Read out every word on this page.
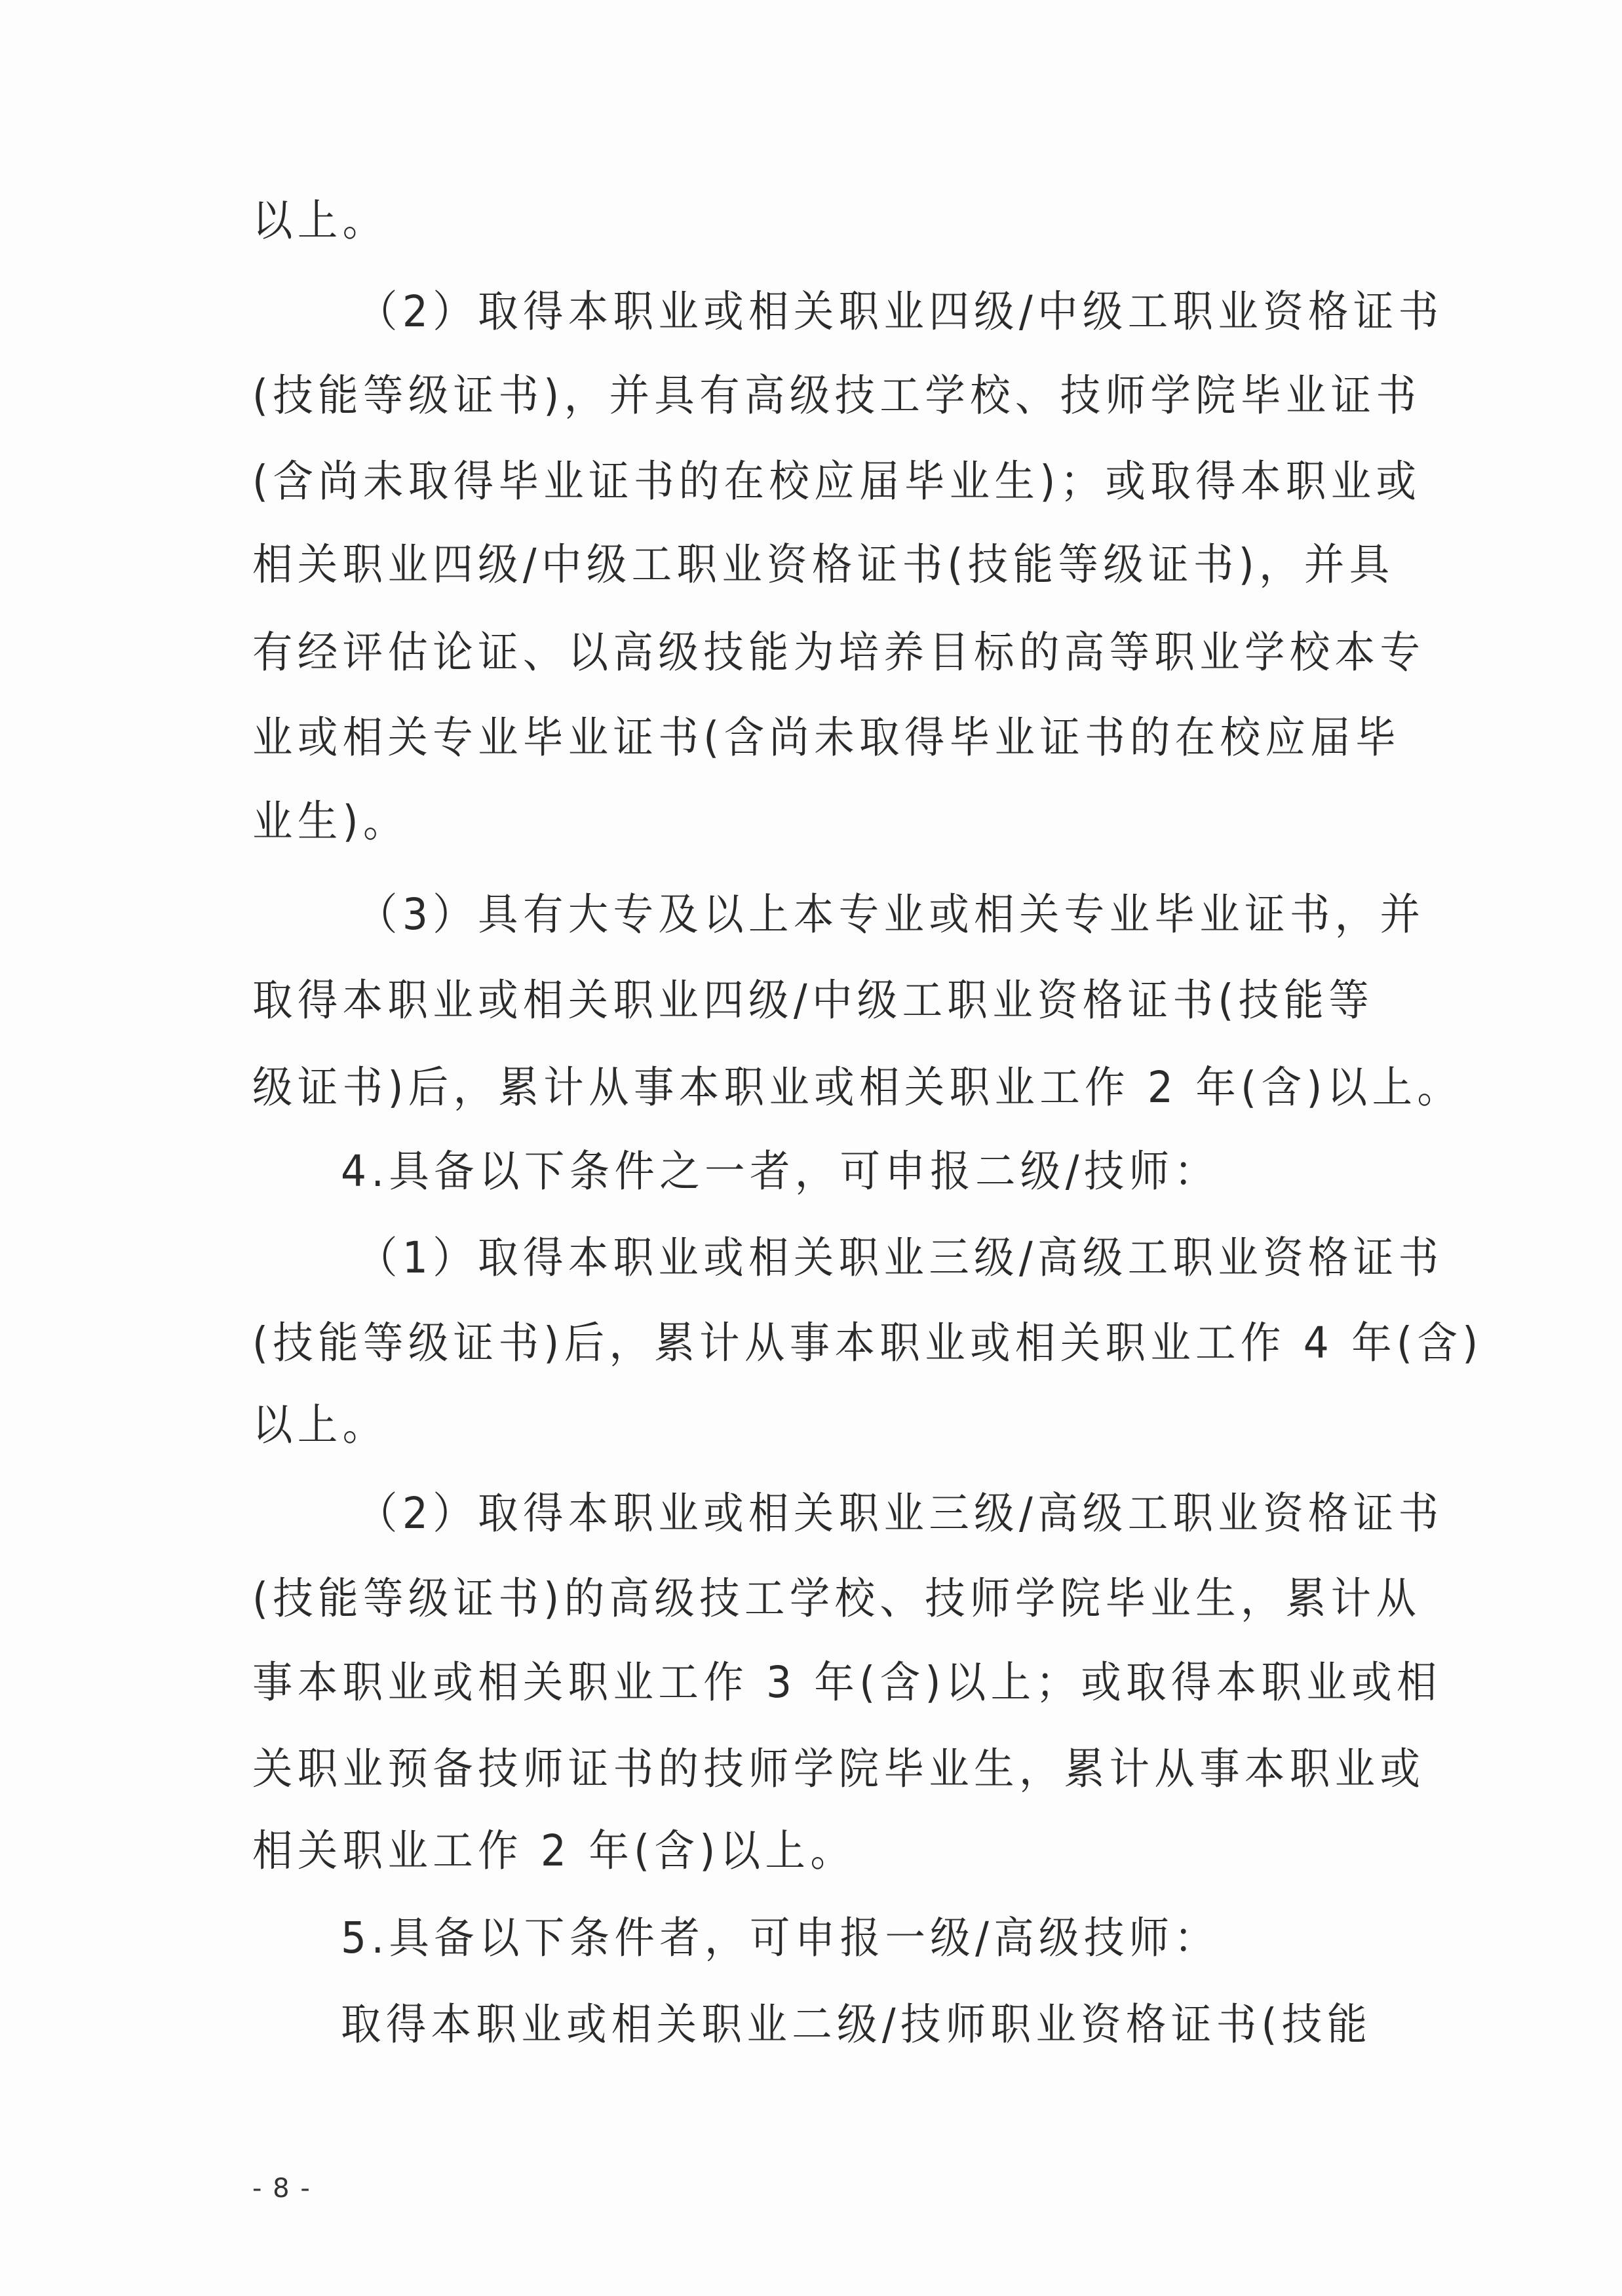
以上。
（2）取得本职业或相关职业四级/中级工职业资格证书
(技能等级证书)，并具有高级技工学校、技师学院毕业证书
(含尚未取得毕业证书的在校应届毕业生)；或取得本职业或
相关职业四级/中级工职业资格证书(技能等级证书)，并具
有经评估论证、以高级技能为培养目标的高等职业学校本专
业或相关专业毕业证书(含尚未取得毕业证书的在校应届毕
业生)。
（3）具有大专及以上本专业或相关专业毕业证书，并
取得本职业或相关职业四级/中级工职业资格证书(技能等
级证书)后，累计从事本职业或相关职业工作 2 年(含)以上。
4.具备以下条件之一者，可申报二级/技师：
（1）取得本职业或相关职业三级/高级工职业资格证书
(技能等级证书)后，累计从事本职业或相关职业工作 4 年(含)
以上。
（2）取得本职业或相关职业三级/高级工职业资格证书
(技能等级证书)的高级技工学校、技师学院毕业生，累计从
事本职业或相关职业工作 3 年(含)以上；或取得本职业或相
关职业预备技师证书的技师学院毕业生，累计从事本职业或
相关职业工作 2 年(含)以上。
5.具备以下条件者，可申报一级/高级技师：
取得本职业或相关职业二级/技师职业资格证书(技能
- 8 -
